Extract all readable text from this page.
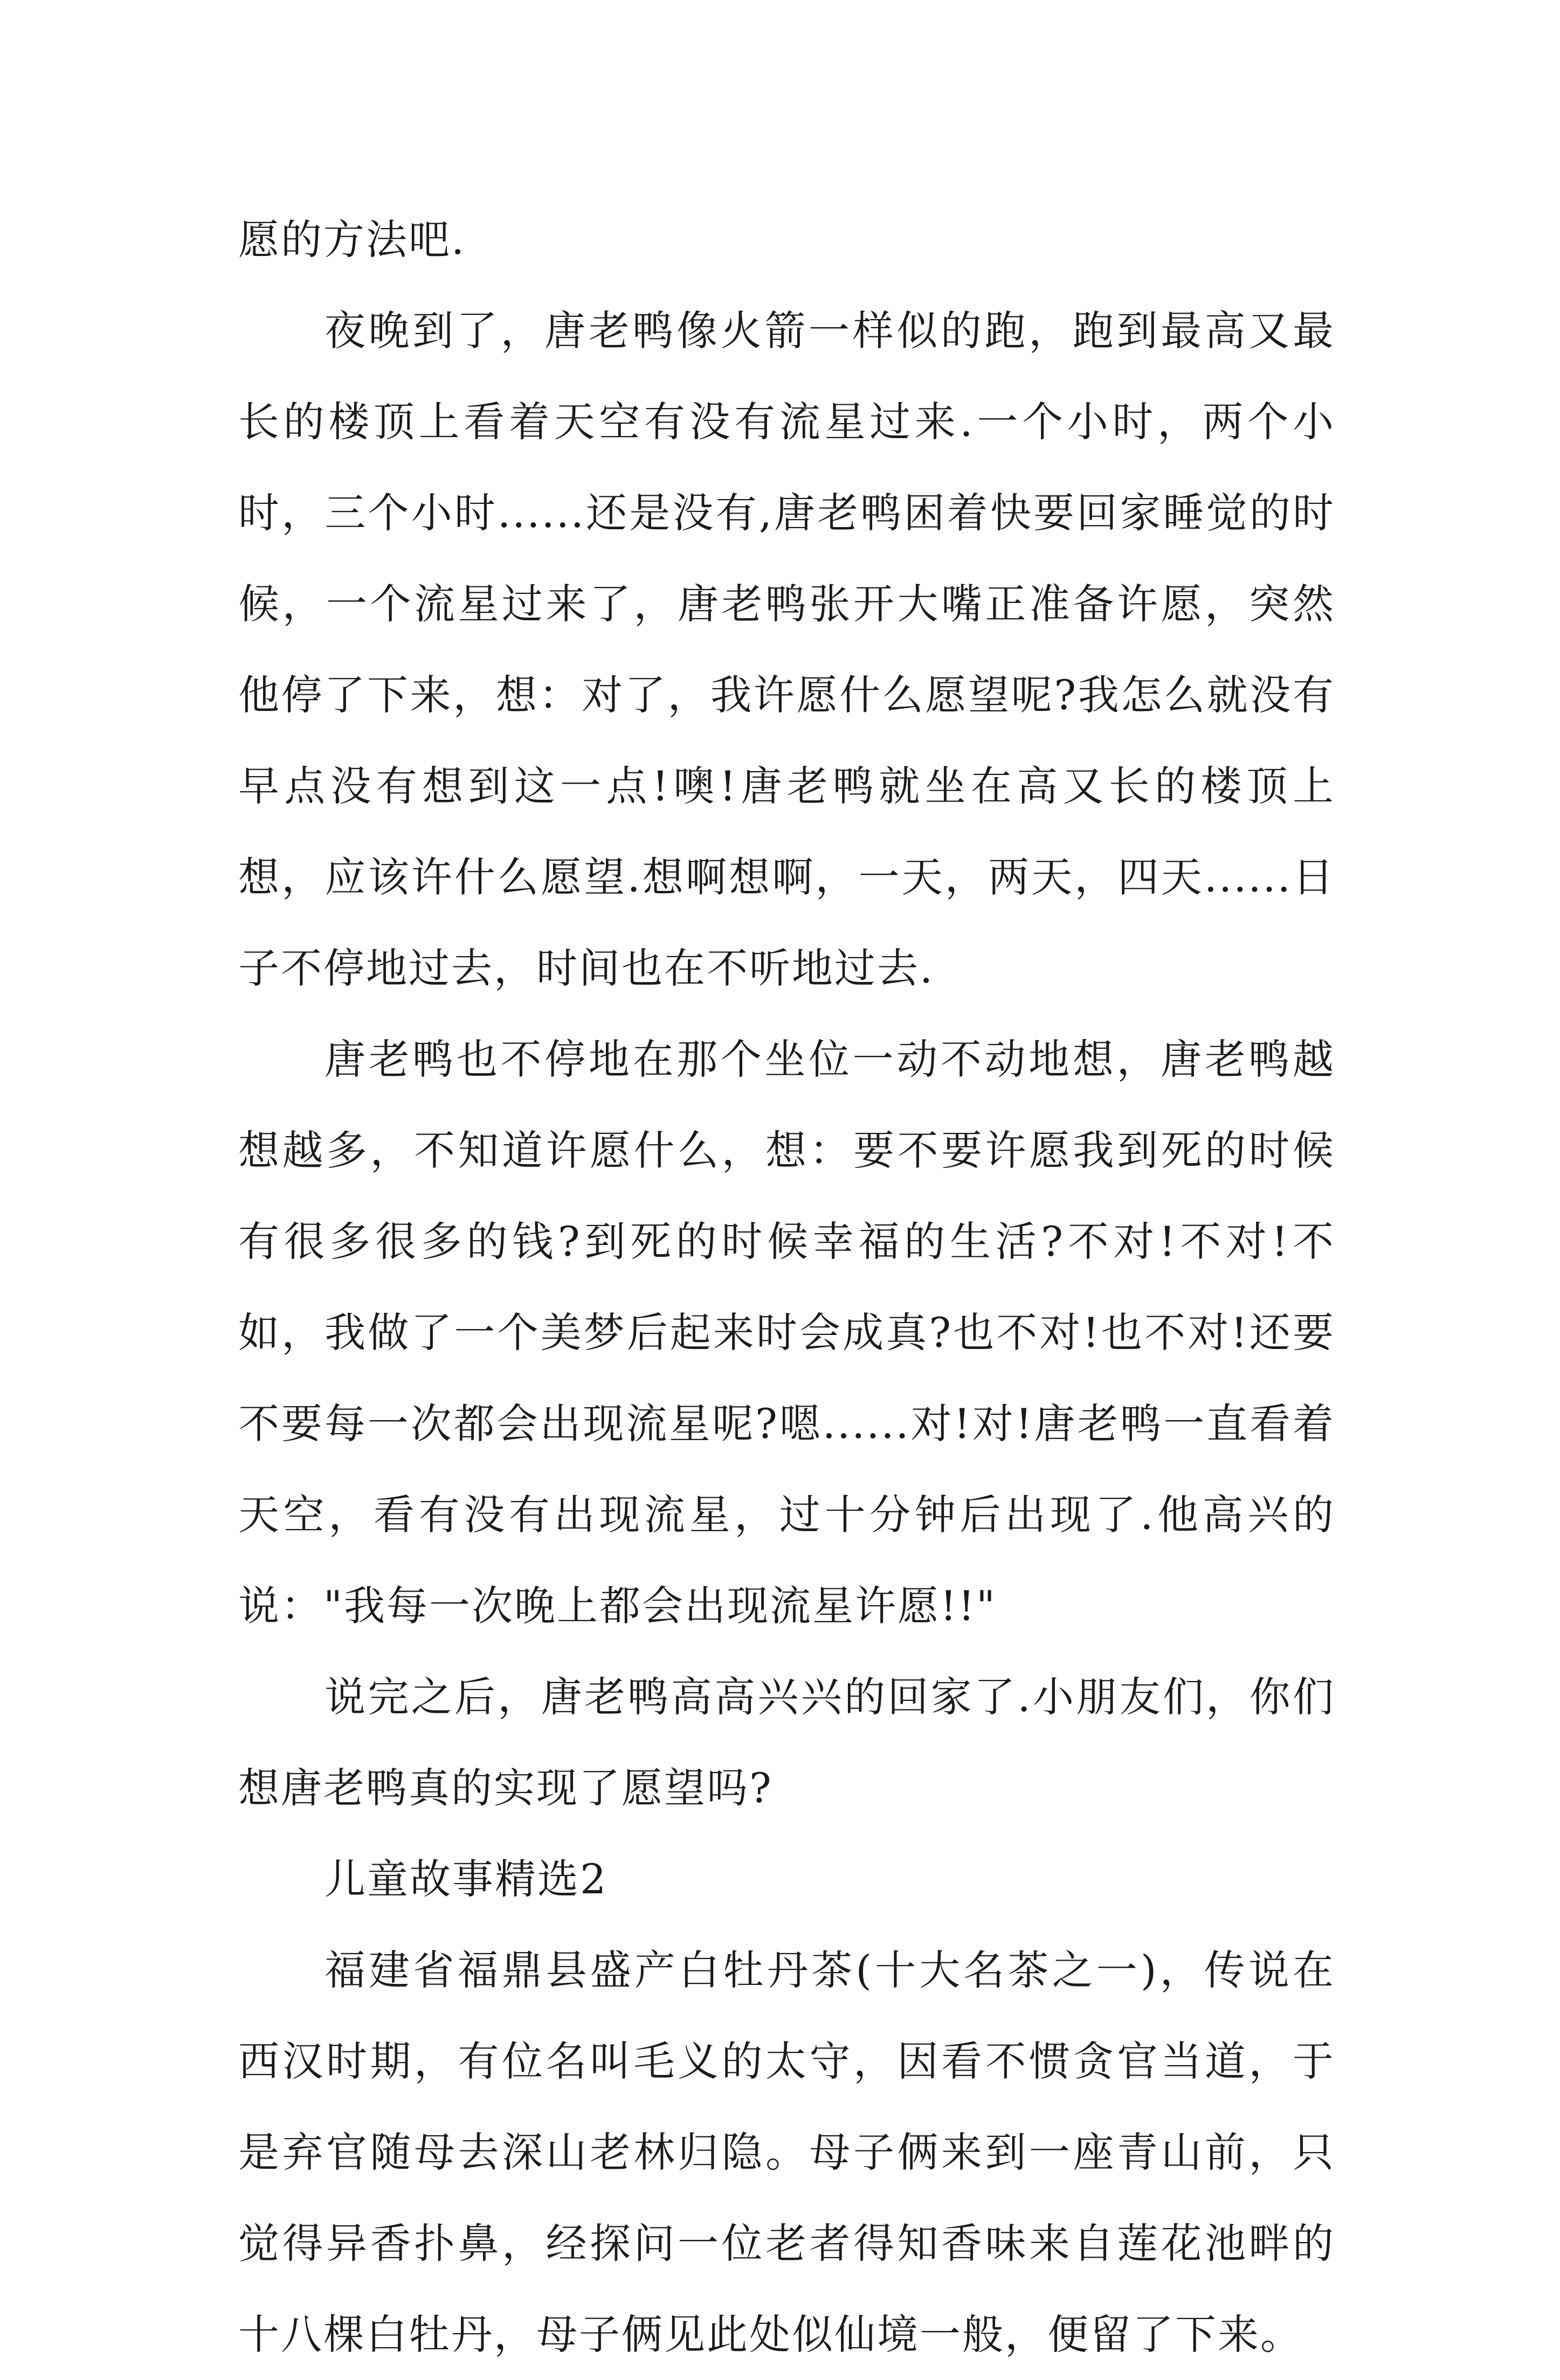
愿的方法吧.

夜晚到了，唐老鸭像火箭一样似的跑，跑到最高又最长的楼顶上看着天空有没有流星过来.一个小时，两个小时，三个小时......还是没有,唐老鸭困着快要回家睡觉的时候，一个流星过来了，唐老鸭张开大嘴正准备许愿，突然他停了下来，想：对了，我许愿什么愿望呢?我怎么就没有早点没有想到这一点!噢!唐老鸭就坐在高又长的楼顶上想，应该许什么愿望.想啊想啊，一天，两天，四天......日子不停地过去，时间也在不听地过去.

唐老鸭也不停地在那个坐位一动不动地想，唐老鸭越想越多，不知道许愿什么，想：要不要许愿我到死的时候有很多很多的钱?到死的时候幸福的生活?不对!不对!不如，我做了一个美梦后起来时会成真?也不对!也不对!还要不要每一次都会出现流星呢?嗯......对!对!唐老鸭一直看着天空，看有没有出现流星，过十分钟后出现了.他高兴的说："我每一次晚上都会出现流星许愿!!"

说完之后，唐老鸭高高兴兴的回家了.小朋友们，你们想唐老鸭真的实现了愿望吗?

儿童故事精选2

福建省福鼎县盛产白牡丹茶(十大名茶之一)，传说在西汉时期，有位名叫毛义的太守，因看不惯贪官当道，于是弃官随母去深山老林归隐。母子俩来到一座青山前，只觉得异香扑鼻，经探问一位老者得知香味来自莲花池畔的十八棵白牡丹，母子俩见此处似仙境一般，便留了下来。
